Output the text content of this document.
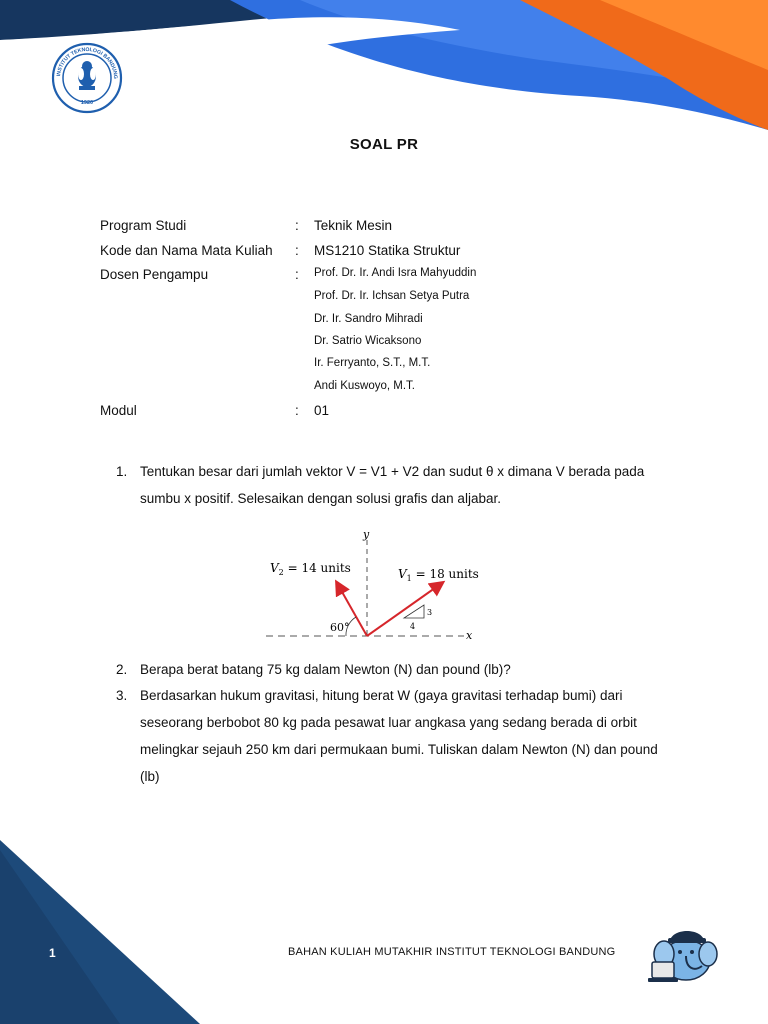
INSTITUT TEKNOLOGI BANDUNG
1920
SOAL PR
Program Studi	: Teknik Mesin
Kode dan Nama Mata Kuliah : MS1210 Statika Struktur
Dosen Pengampu	: Prof. Dr. Ir. Andi Isra Mahyuddin
Prof. Dr. Ir. Ichsan Setya Putra
Dr. Ir. Sandro Mihradi
Dr. Satrio Wicaksono
Ir. Ferryanto, S.T., M.T.
Andi Kuswoyo, M.T.
Modul	: 01
1. Tentukan besar dari jumlah vektor V = V1 + V2 dan sudut θ x dimana V berada pada sumbu x positif. Selesaikan dengan solusi grafis dan aljabar.
y
x
3
4
60°
$V_2 = 14$ units	$V_1 = 18$ units
2. Berapa berat batang 75 kg dalam Newton (N) dan pound (lb)?
3. Berdasarkan hukum gravitasi, hitung berat W (gaya gravitasi terhadap bumi) dari seseorang berbobot 80 kg pada pesawat luar angkasa yang sedang berada di orbit melingkar sejauh 250 km dari permukaan bumi. Tuliskan dalam Newton (N) dan pound (lb)
1	BAHAN KULIAH MUTAKHIR INSTITUT TEKNOLOGI BANDUNG
